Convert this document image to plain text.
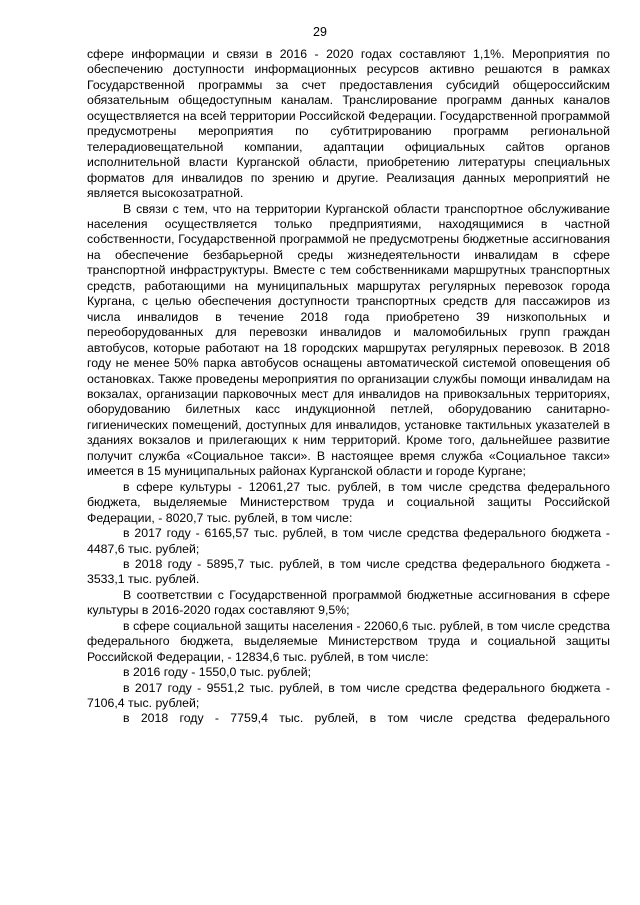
29

сфере информации и связи в 2016 - 2020 годах составляют 1,1%. Мероприятия по обеспечению доступности информационных ресурсов активно решаются в рамках Государственной программы за счет предоставления субсидий общероссийским обязательным общедоступным каналам. Транслирование программ данных каналов осуществляется на всей территории Российской Федерации. Государственной программой предусмотрены мероприятия по субтитрированию программ региональной телерадиовещательной компании, адаптации официальных сайтов органов исполнительной власти Курганской области, приобретению литературы специальных форматов для инвалидов по зрению и другие. Реализация данных мероприятий не является высокозатратной.

В связи с тем, что на территории Курганской области транспортное обслуживание населения осуществляется только предприятиями, находящимися в частной собственности, Государственной программой не предусмотрены бюджетные ассигнования на обеспечение безбарьерной среды жизнедеятельности инвалидам в сфере транспортной инфраструктуры. Вместе с тем собственниками маршрутных транспортных средств, работающими на муниципальных маршрутах регулярных перевозок города Кургана, с целью обеспечения доступности транспортных средств для пассажиров из числа инвалидов в течение 2018 года приобретено 39 низкопольных и переоборудованных для перевозки инвалидов и маломобильных групп граждан автобусов, которые работают на 18 городских маршрутах регулярных перевозок. В 2018 году не менее 50% парка автобусов оснащены автоматической системой оповещения об остановках. Также проведены мероприятия по организации службы помощи инвалидам на вокзалах, организации парковочных мест для инвалидов на привокзальных территориях, оборудованию билетных касс индукционной петлей, оборудованию санитарно-гигиенических помещений, доступных для инвалидов, установке тактильных указателей в зданиях вокзалов и прилегающих к ним территорий. Кроме того, дальнейшее развитие получит служба «Социальное такси». В настоящее время служба «Социальное такси» имеется в 15 муниципальных районах Курганской области и городе Кургане;

в сфере культуры - 12061,27 тыс. рублей, в том числе средства федерального бюджета, выделяемые Министерством труда и социальной защиты Российской Федерации, - 8020,7 тыс. рублей, в том числе:

в 2017 году - 6165,57 тыс. рублей, в том числе средства федерального бюджета - 4487,6 тыс. рублей;

в 2018 году - 5895,7 тыс. рублей, в том числе средства федерального бюджета - 3533,1 тыс. рублей.

В соответствии с Государственной программой бюджетные ассигнования в сфере культуры в 2016-2020 годах составляют 9,5%;

в сфере социальной защиты населения - 22060,6 тыс. рублей, в том числе средства федерального бюджета, выделяемые Министерством труда и социальной защиты Российской Федерации, - 12834,6 тыс. рублей, в том числе:

в 2016 году - 1550,0 тыс. рублей;

в 2017 году - 9551,2 тыс. рублей, в том числе средства федерального бюджета - 7106,4 тыс. рублей;

в 2018 году - 7759,4 тыс. рублей, в том числе средства федерального
